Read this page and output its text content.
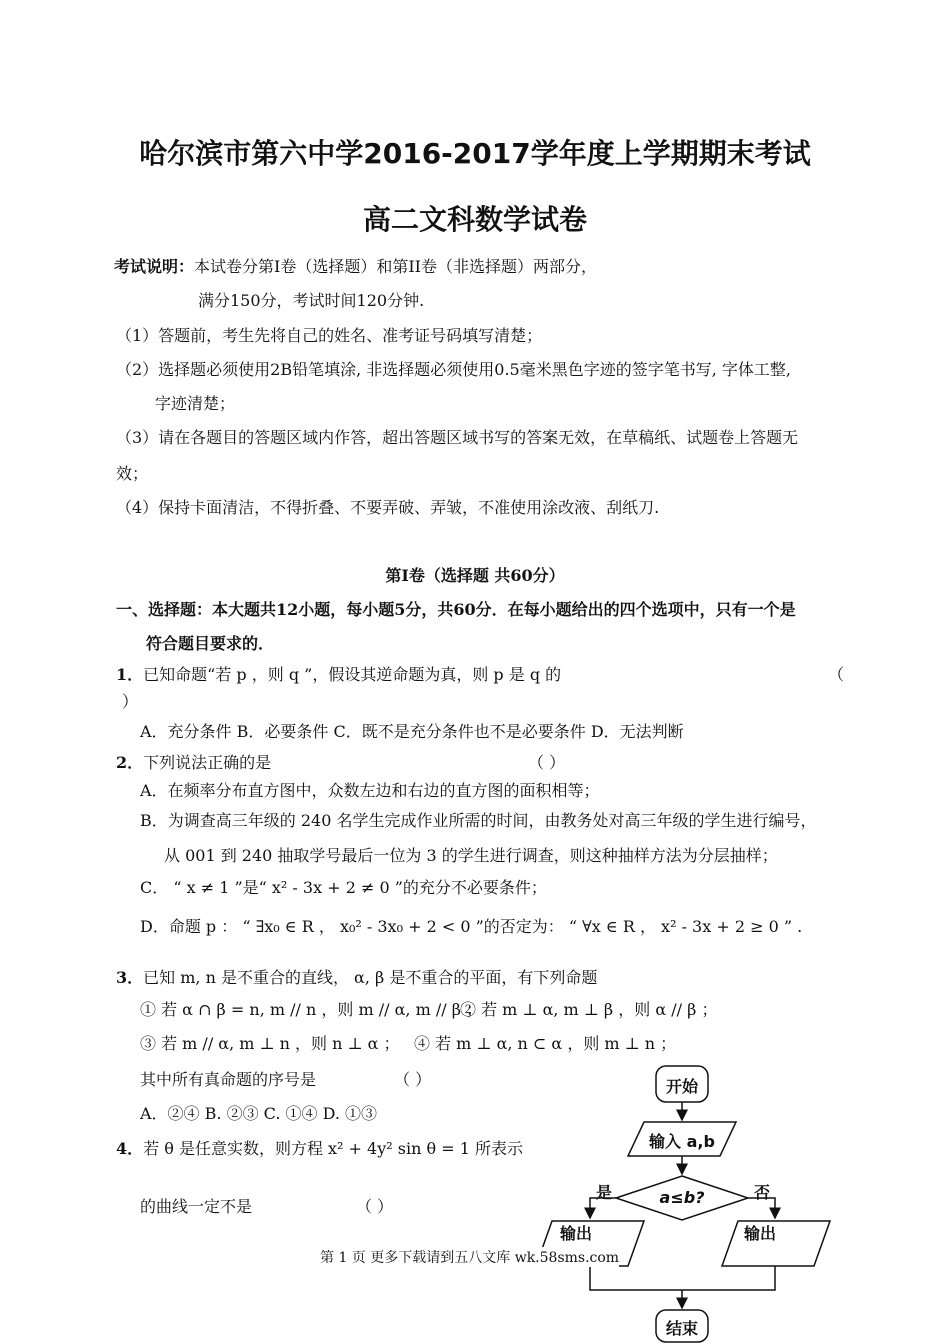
哈尔滨市第六中学2016-2017学年度上学期期末考试
高二文科数学试卷
考试说明：本试卷分第I卷（选择题）和第II卷（非选择题）两部分，
满分150分，考试时间120分钟.
（1）答题前，考生先将自己的姓名、准考证号码填写清楚；
（2）选择题必须使用2B铅笔填涂, 非选择题必须使用0.5毫米黑色字迹的签字笔书写, 字体工整,
字迹清楚；
（3）请在各题目的答题区域内作答，超出答题区域书写的答案无效，在草稿纸、试题卷上答题无
效；
（4）保持卡面清洁，不得折叠、不要弄破、弄皱，不准使用涂改液、刮纸刀.
第Ⅰ卷（选择题 共60分）
一、选择题：本大题共12小题，每小题5分，共60分．在每小题给出的四个选项中，只有一个是
符合题目要求的．
1．已知命题“若 p ，则 q ”，假设其逆命题为真，则 p 是 q 的	（
）
A．充分条件 B．必要条件 C．既不是充分条件也不是必要条件 D．无法判断
2．下列说法正确的是	（ ）
A．在频率分布直方图中，众数左边和右边的直方图的面积相等；
B．为调查高三年级的 240 名学生完成作业所需的时间，由教务处对高三年级的学生进行编号，
从 001 到 240 抽取学号最后一位为 3 的学生进行调查，则这种抽样方法为分层抽样；
C． “ x ≠ 1 ”是“ x² - 3x + 2 ≠ 0 ”的充分不必要条件；
D．命题 p ： “ ∃x₀ ∈ R ， x₀² - 3x₀ + 2 < 0 ”的否定为： “ ∀x ∈ R ， x² - 3x + 2 ≥ 0 ” .
3．已知 m, n 是不重合的直线， α, β 是不重合的平面，有下列命题
① 若 α ∩ β = n, m // n ，则 m // α, m // β ；
② 若 m ⊥ α, m ⊥ β ，则 α // β ；
③ 若 m // α, m ⊥ n ，则 n ⊥ α ； ④ 若 m ⊥ α, n ⊂ α ，则 m ⊥ n ；
其中所有真命题的序号是	（ ）
A．②④ B. ②③ C. ①④ D. ①③
4．若 θ 是任意实数，则方程 x² + 4y² sin θ = 1 所表示
的曲线一定不是	（ ）
开始
输入 a,b
a≤b?
是	否
输出	输出
结束
第 1 页 更多下载请到五八文库 wk.58sms.com
